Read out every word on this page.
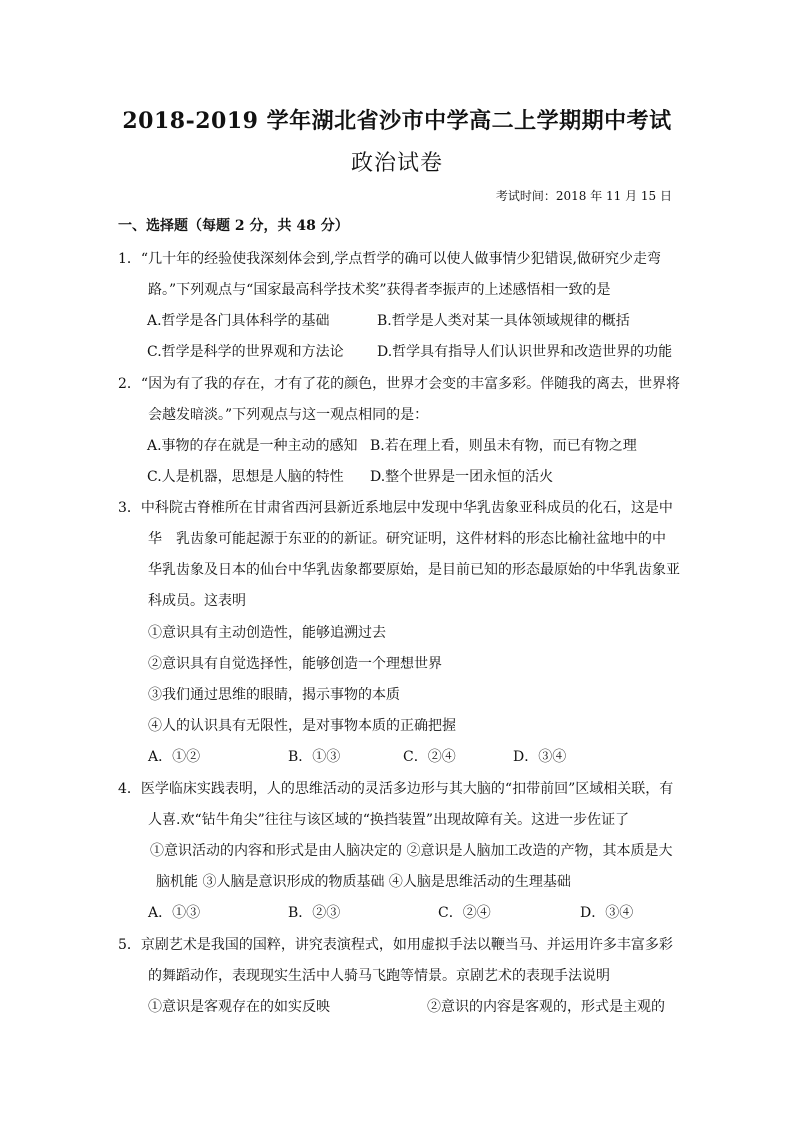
2018-2019 学年湖北省沙市中学高二上学期期中考试
政治试卷
考试时间：2018 年 11 月 15 日
一、选择题（每题 2 分，共 48 分）
1．“几十年的经验使我深刻体会到,学点哲学的确可以使人做事情少犯错误,做研究少走弯
路。”下列观点与“国家最高科学技术奖”获得者李振声的上述感悟相一致的是
A.哲学是各门具体科学的基础	B.哲学是人类对某一具体领域规律的概括
C.哲学是科学的世界观和方法论 D.哲学具有指导人们认识世界和改造世界的功能
2．“因为有了我的存在，才有了花的颜色，世界才会变的丰富多彩。伴随我的离去，世界将
会越发暗淡。”下列观点与这一观点相同的是：
A.事物的存在就是一种主动的感知 B.若在理上看，则虽未有物，而已有物之理
C.人是机器，思想是人脑的特性 D.整个世界是一团永恒的活火
3．中科院古脊椎所在甘肃省西河县新近系地层中发现中华乳齿象亚科成员的化石，这是中
华 乳齿象可能起源于东亚的的新证。研究证明，这件材料的形态比榆社盆地中的中
华乳齿象及日本的仙台中华乳齿象都要原始，是目前已知的形态最原始的中华乳齿象亚
科成员。这表明
①意识具有主动创造性，能够追溯过去
②意识具有自觉选择性，能够创造一个理想世界
③我们通过思维的眼睛，揭示事物的本质
④人的认识具有无限性，是对事物本质的正确把握
A．①②	B．①③	C．②④	D．③④
4．医学临床实践表明，人的思维活动的灵活多边形与其大脑的“扣带前回”区域相关联，有
人喜.欢“钻牛角尖”往往与该区域的“换挡装置”出现故障有关。这进一步佐证了
①意识活动的内容和形式是由人脑决定的 ②意识是人脑加工改造的产物，其本质是大
脑机能 ③人脑是意识形成的物质基础 ④人脑是思维活动的生理基础
A．①③	B．②③	C．②④	D．③④
5．京剧艺术是我国的国粹，讲究表演程式，如用虚拟手法以鞭当马、并运用许多丰富多彩
的舞蹈动作，表现现实生活中人骑马飞跑等情景。京剧艺术的表现手法说明
①意识是客观存在的如实反映	②意识的内容是客观的，形式是主观的
